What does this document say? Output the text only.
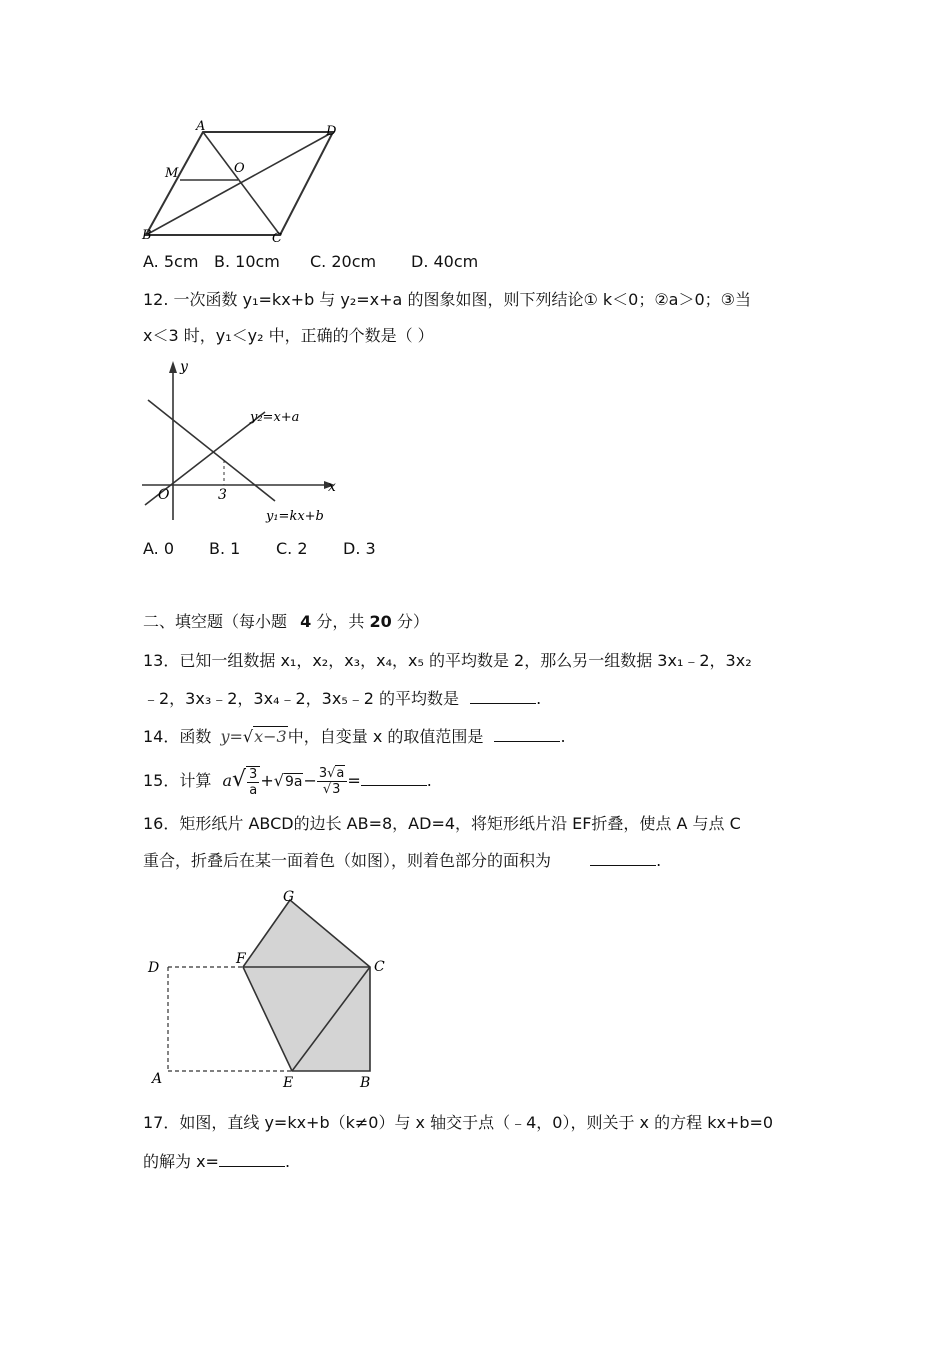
A	D
M	O
B	C
A. 5cm B. 10cm C. 20cm D. 40cm
12. 一次函数 y₁=kx+b 与 y₂=x+a 的图象如图，则下列结论① k＜0；②a＞0；③当
x＜3 时，y₁＜y₂ 中，正确的个数是（ ）
y
x
O	3
y₂=x+a
y₁=kx+b
A. 0 B. 1 C. 2 D. 3
二、填空题（每小题 4 分，共 20 分）
13．已知一组数据 x₁，x₂，x₃，x₄，x₅ 的平均数是 2，那么另一组数据 3x₁﹣2，3x₂
﹣2，3x₃﹣2，3x₄﹣2，3x₅﹣2 的平均数是	.
14．函数 y=√x−3中，自变量 x 的取值范围是	.
15．计算 $a√ \frac{3}{a} +√9a- \frac{3√a}{√3}$ =	.
16．矩形纸片 ABCD的边长 AB=8，AD=4，将矩形纸片沿 EF折叠，使点 A 与点 C
重合，折叠后在某一面着色（如图），则着色部分的面积为	.
G
D
F	C
A	E	B
17．如图，直线 y=kx+b（k≠0）与 x 轴交于点（﹣4，0），则关于 x 的方程 kx+b=0
的解为 x=	.
